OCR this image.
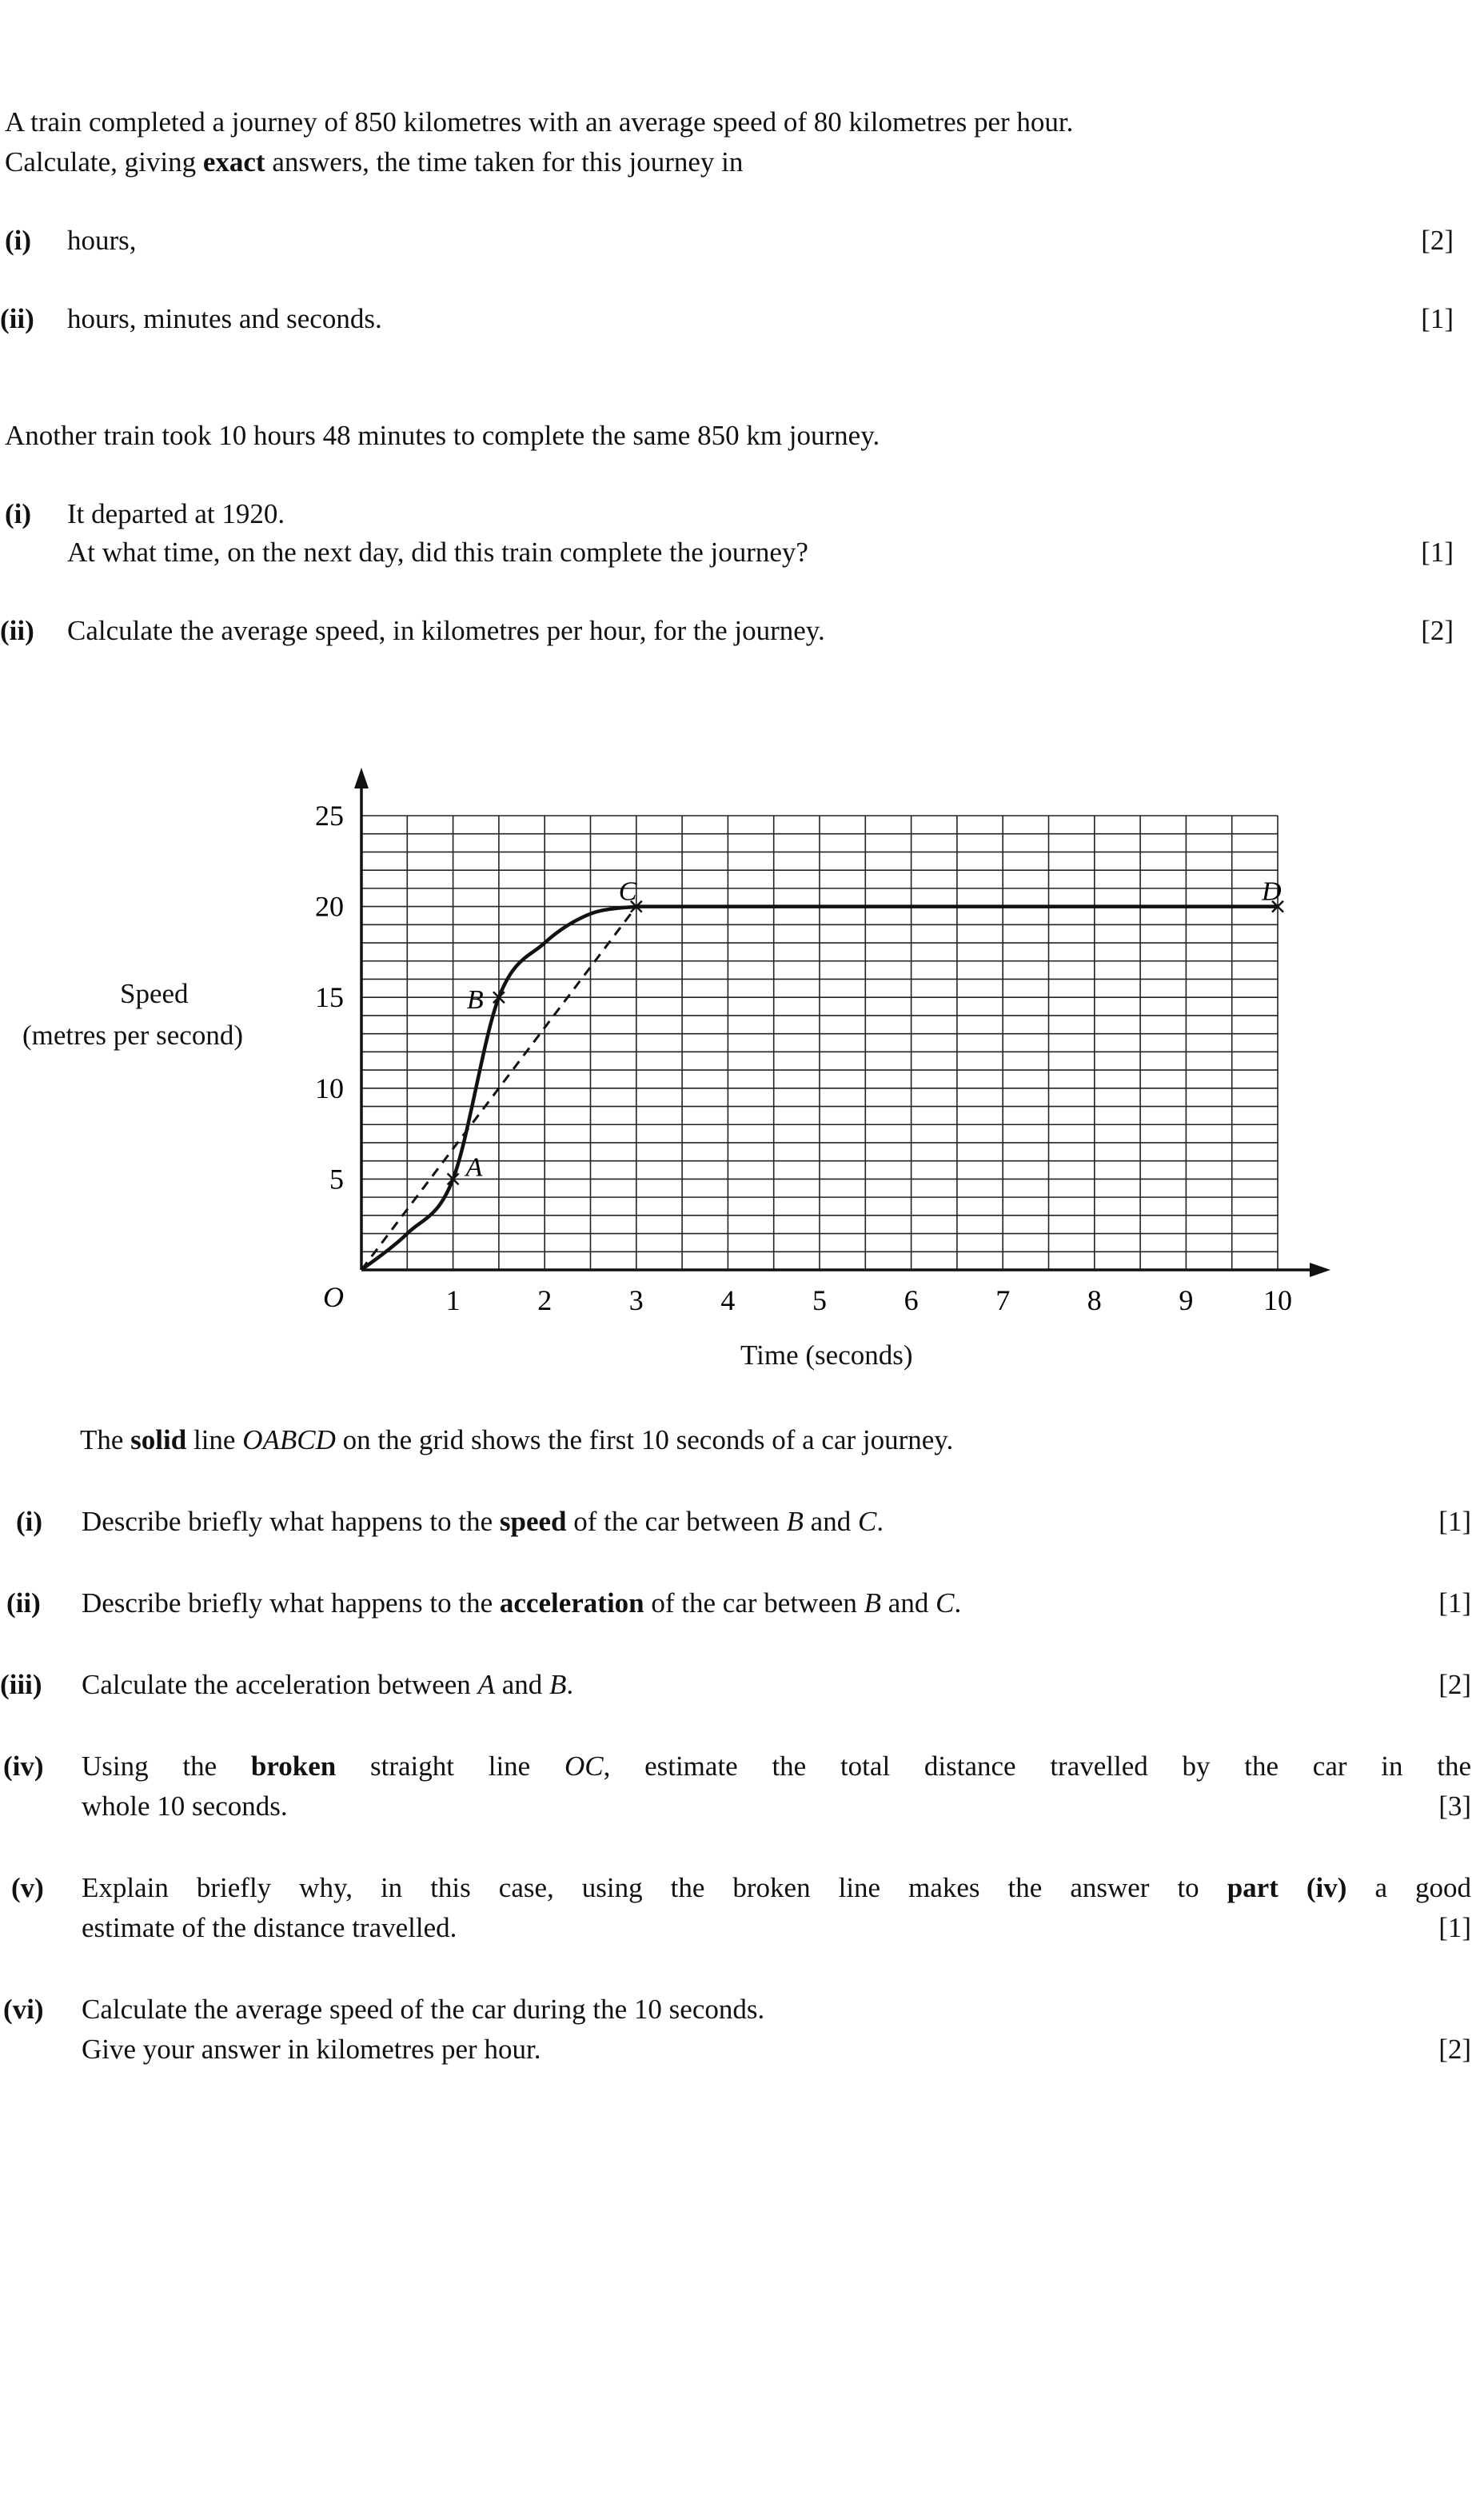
A train completed a journey of 850 kilometres with an average speed of 80 kilometres per hour.
Calculate, giving exact answers, the time taken for this journey in
(i) hours,	[2]
(ii) hours, minutes and seconds.	[1]
Another train took 10 hours 48 minutes to complete the same 850 km journey.
(i) It departed at 1920.
At what time, on the next day, did this train complete the journey?	[1]
(ii) Calculate the average speed, in kilometres per hour, for the journey.	[2]
Speed
(metres per second)
1	2	3	4	5	6	7	8	9 10
5
10
15
20
25
O
A
B
C	D
Time (seconds)
The solid line OABCD on the grid shows the first 10 seconds of a car journey.
(i) Describe briefly what happens to the speed of the car between B and C.	[1]
(ii) Describe briefly what happens to the acceleration of the car between B and C.	[1]
(iii) Calculate the acceleration between A and B.	[2]
(iv) Using the broken straight line OC, estimate the total distance travelled by the car in the
whole 10 seconds.	[3]
(v) Explain briefly why, in this case, using the broken line makes the answer to part (iv) a good
estimate of the distance travelled.	[1]
(vi) Calculate the average speed of the car during the 10 seconds.
Give your answer in kilometres per hour.	[2]
